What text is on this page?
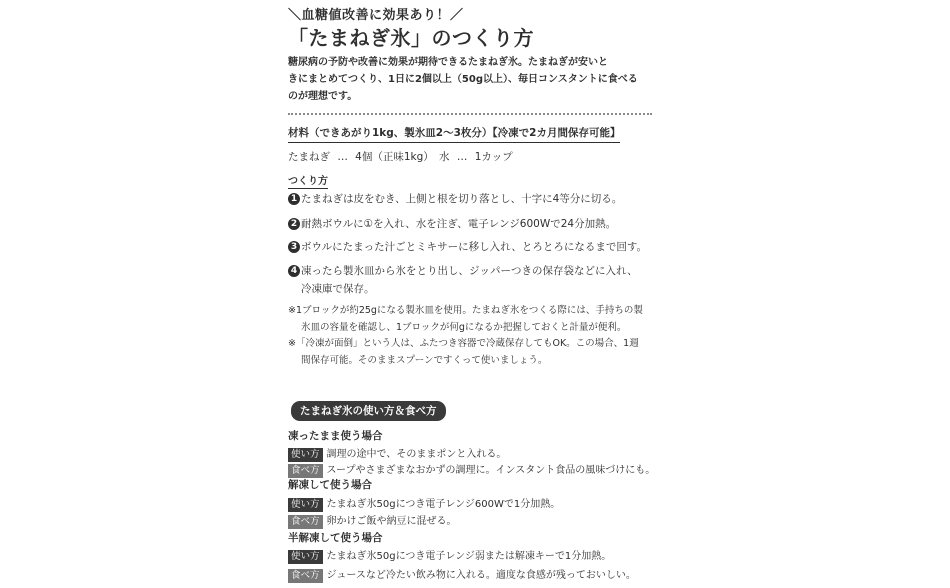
＼血糖値改善に効果あり！／
「たまねぎ氷」のつくり方
糖尿病の予防や改善に効果が期待できるたまねぎ氷。たまねぎが安いと
きにまとめてつくり、1日に2個以上（50g以上）、毎日コンスタントに食べる
のが理想です。
材料（できあがり1kg、製氷皿2〜3枚分）【冷凍で2カ月間保存可能】
たまねぎ … 4個（正味1kg）　水 … 1カップ
つくり方
1 たまねぎは皮をむき、上側と根を切り落とし、十字に4等分に切る。
2 耐熱ボウルに①を入れ、水を注ぎ、電子レンジ600Wで24分加熱。
3 ボウルにたまった汁ごとミキサーに移し入れ、とろとろになるまで回す。
4 凍ったら製氷皿から氷をとり出し、ジッパーつきの保存袋などに入れ、
冷凍庫で保存。
※1ブロックが約25gになる製氷皿を使用。たまねぎ氷をつくる際には、手持ちの製
氷皿の容量を確認し、1ブロックが何gになるか把握しておくと計量が便利。
※「冷凍が面倒」という人は、ふたつき容器で冷蔵保存してもOK。この場合、1週
間保存可能。そのままスプーンですくって使いましょう。
たまねぎ氷の使い方＆食べ方
凍ったまま使う場合
使い方 調理の途中で、そのままポンと入れる。
食べ方 スープやさまざまなおかずの調理に。インスタント食品の風味づけにも。
解凍して使う場合
使い方 たまねぎ氷50gにつき電子レンジ600Wで1分加熱。
食べ方 卵かけご飯や納豆に混ぜる。
半解凍して使う場合
使い方 たまねぎ氷50gにつき電子レンジ弱または解凍キーで1分加熱。
食べ方 ジュースなど冷たい飲み物に入れる。適度な食感が残っておいしい。
